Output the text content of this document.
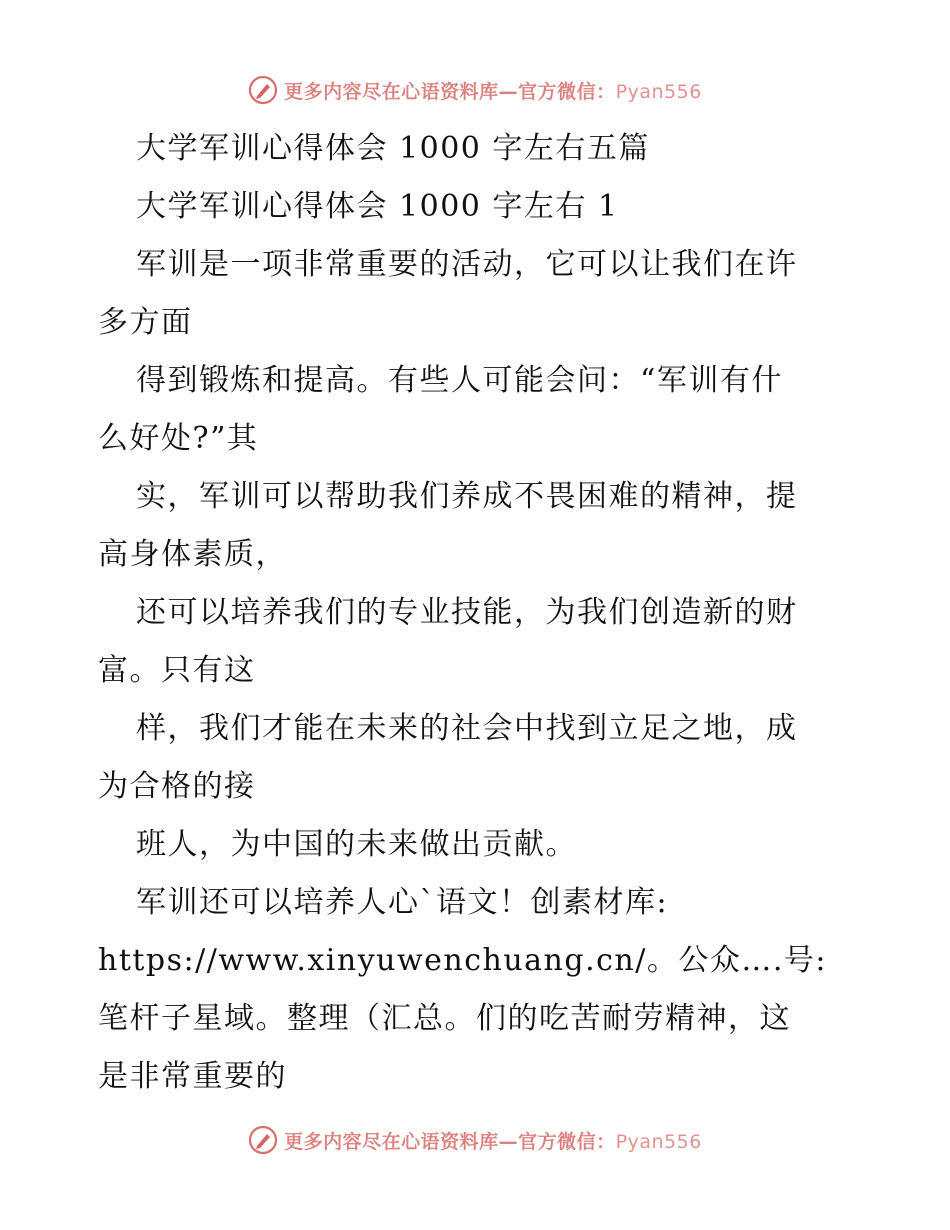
更多内容尽在心语资料库—官方微信：Pyan556
大学军训心得体会 1000 字左右五篇
大学军训心得体会 1000 字左右 1
军训是一项非常重要的活动，它可以让我们在许
多方面
得到锻炼和提高。有些人可能会问：“军训有什
么好处?”其
实，军训可以帮助我们养成不畏困难的精神，提
高身体素质，
还可以培养我们的专业技能，为我们创造新的财
富。只有这
样，我们才能在未来的社会中找到立足之地，成
为合格的接
班人，为中国的未来做出贡献。
军训还可以培养人心`语文！创素材库:
https://www.xinyuwenchuang.cn/。公众….号:
笔杆子星域。整理（汇总。们的吃苦耐劳精神，这
是非常重要的
更多内容尽在心语资料库—官方微信：Pyan556
